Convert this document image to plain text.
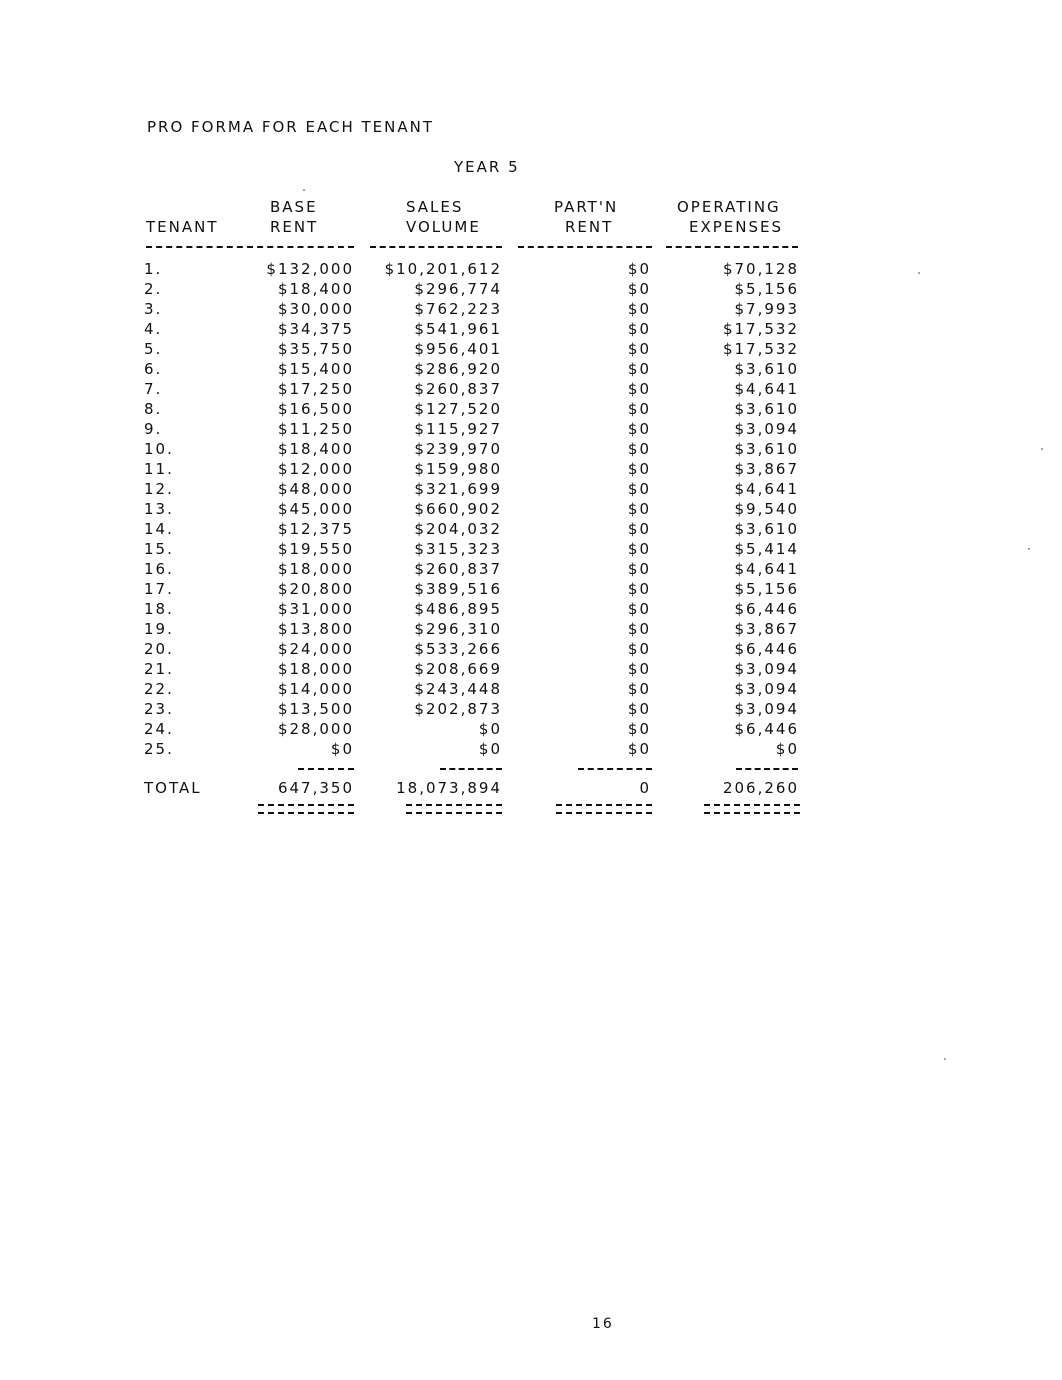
PRO FORMA FOR EACH TENANT
YEAR 5
BASE	SALES	PART'N	OPERATING
TENANT	RENT	VOLUME	RENT	EXPENSES
1.	$132,000 $10,201,612	$0	$70,128
2.	$18,400	$296,774	$0	$5,156
3.	$30,000	$762,223	$0	$7,993
4.	$34,375	$541,961	$0	$17,532
5.	$35,750	$956,401	$0	$17,532
6.	$15,400	$286,920	$0	$3,610
7.	$17,250	$260,837	$0	$4,641
8.	$16,500	$127,520	$0	$3,610
9.	$11,250	$115,927	$0	$3,094
10.	$18,400	$239,970	$0	$3,610
11.	$12,000	$159,980	$0	$3,867
12.	$48,000	$321,699	$0	$4,641
13.	$45,000	$660,902	$0	$9,540
14.	$12,375	$204,032	$0	$3,610
15.	$19,550	$315,323	$0	$5,414
16.	$18,000	$260,837	$0	$4,641
17.	$20,800	$389,516	$0	$5,156
18.	$31,000	$486,895	$0	$6,446
19.	$13,800	$296,310	$0	$3,867
20.	$24,000	$533,266	$0	$6,446
21.	$18,000	$208,669	$0	$3,094
22.	$14,000	$243,448	$0	$3,094
23.	$13,500	$202,873	$0	$3,094
24.	$28,000	$0	$0	$6,446
25.	$0	$0	$0	$0
TOTAL	647,350	18,073,894	0	206,260
16
